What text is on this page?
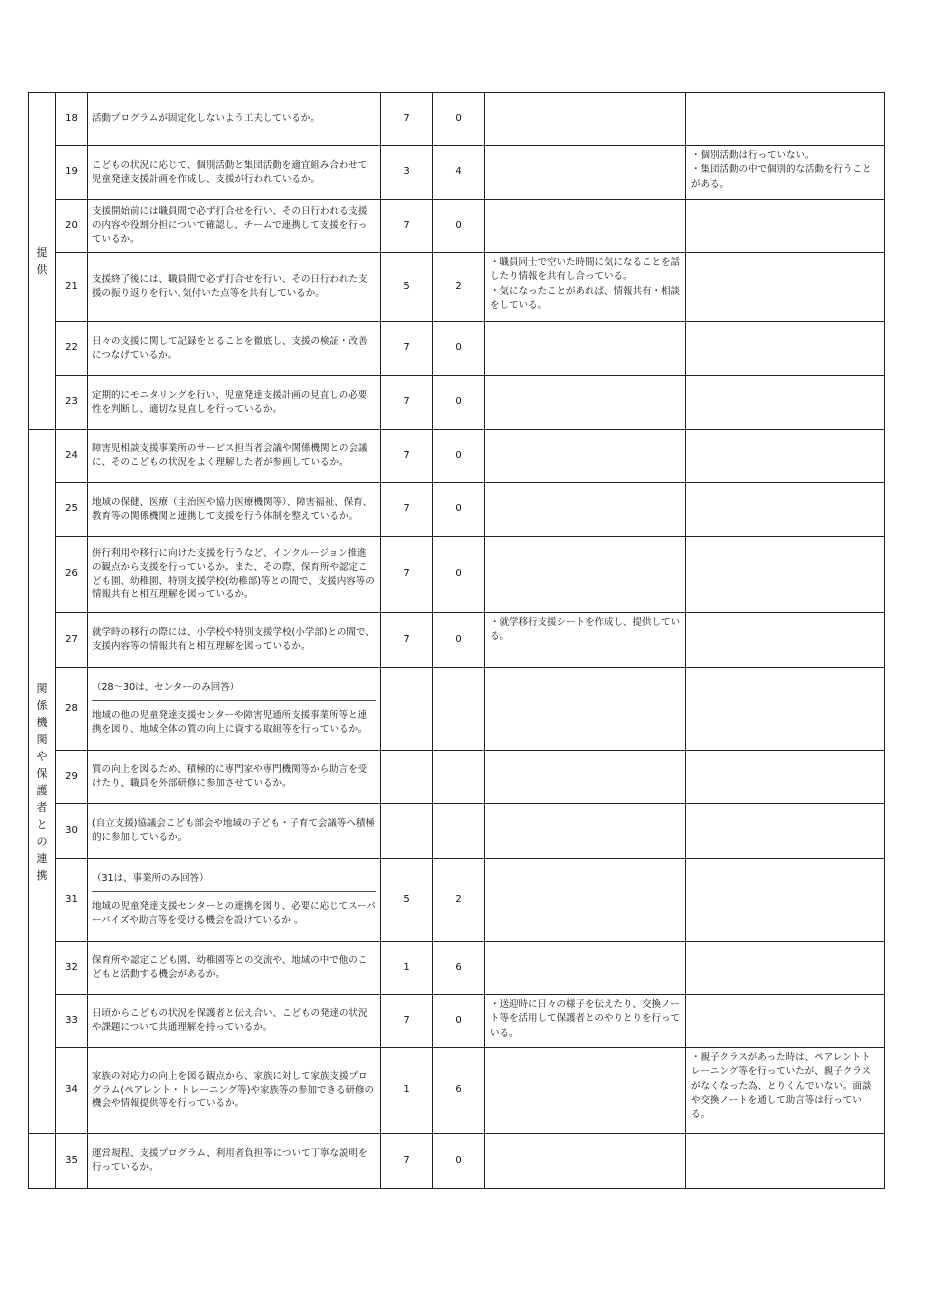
提供	18	活動プログラムが固定化しないよう工夫しているか。	7	0		
	19	こどもの状況に応じて、個別活動と集団活動を適宜組み合わせて児童発達支援計画を作成し、支援が行われているか。	3	4		・個別活動は行っていない。
・集団活動の中で個別的な活動を行うことがある。
	20	支援開始前には職員間で必ず打合せを行い、その日行われる支援の内容や役割分担について確認し、チームで連携して支援を行っているか。	7	0		
	21	支援終了後には、職員間で必ず打合せを行い、その日行われた支援の振り返りを行い､気付いた点等を共有しているか。	5	2	・職員同士で空いた時間に気になることを話したり情報を共有し合っている。
・気になったことがあれば、情報共有・相談をしている。	
	22	日々の支援に関して記録をとることを徹底し、支援の検証・改善につなげているか。	7	0		
	23	定期的にモニタリングを行い、児童発達支援計画の見直しの必要性を判断し、適切な見直しを行っているか。	7	0		

関係機関や保護者との連携	24	障害児相談支援事業所のサービス担当者会議や関係機関との会議に、そのこどもの状況をよく理解した者が参画しているか。	7	0		
	25	地域の保健、医療（主治医や協力医療機関等）、障害福祉、保育、教育等の関係機関と連携して支援を行う体制を整えているか。	7	0		
	26	併行利用や移行に向けた支援を行うなど、インクルージョン推進の観点から支援を行っているか。また、その際、保育所や認定こども園、幼稚園、特別支援学校(幼稚部)等との間で、支援内容等の情報共有と相互理解を図っているか。	7	0		
	27	就学時の移行の際には、小学校や特別支援学校(小学部)との間で、支援内容等の情報共有と相互理解を図っているか。	7	0	・就学移行支援シートを作成し、提供している。	
	28	（28～30は、センターのみ回答）
地域の他の児童発達支援センターや障害児通所支援事業所等と連携を図り、地域全体の質の向上に資する取組等を行っているか。				

	29	質の向上を図るため、積極的に専門家や専門機関等から助言を受けたり、職員を外部研修に参加させているか。				

	30	(自立支援)協議会こども部会や地域の子ども・子育て会議等へ積極的に参加しているか。				

	31	（31は、事業所のみ回答）
地域の児童発達支援センターとの連携を図り、必要に応じてスーパーバイズや助言等を受ける機会を設けているか 。	5	2		
	32	保育所や認定こども園、幼稚園等との交流や、地域の中で他のこどもと活動する機会があるか。	1	6		
	33	日頃からこどもの状況を保護者と伝え合い、こどもの発達の状況や課題について共通理解を持っているか。	7	0	・送迎時に日々の様子を伝えたり、交換ノート等を活用して保護者とのやりとりを行っている。	
	34	家族の対応力の向上を図る観点から、家族に対して家族支援プログラム(ペアレント・トレーニング等)や家族等の参加できる研修の機会や情報提供等を行っているか。	1	6		・親子クラスがあった時は、ペアレントトレーニング等を行っていたが、親子クラスがなくなった為、とりくんでいない。面談や交換ノートを通して助言等は行っている。

	35	運営規程、支援プログラム、利用者負担等について丁寧な説明を行っているか。	7	0		
